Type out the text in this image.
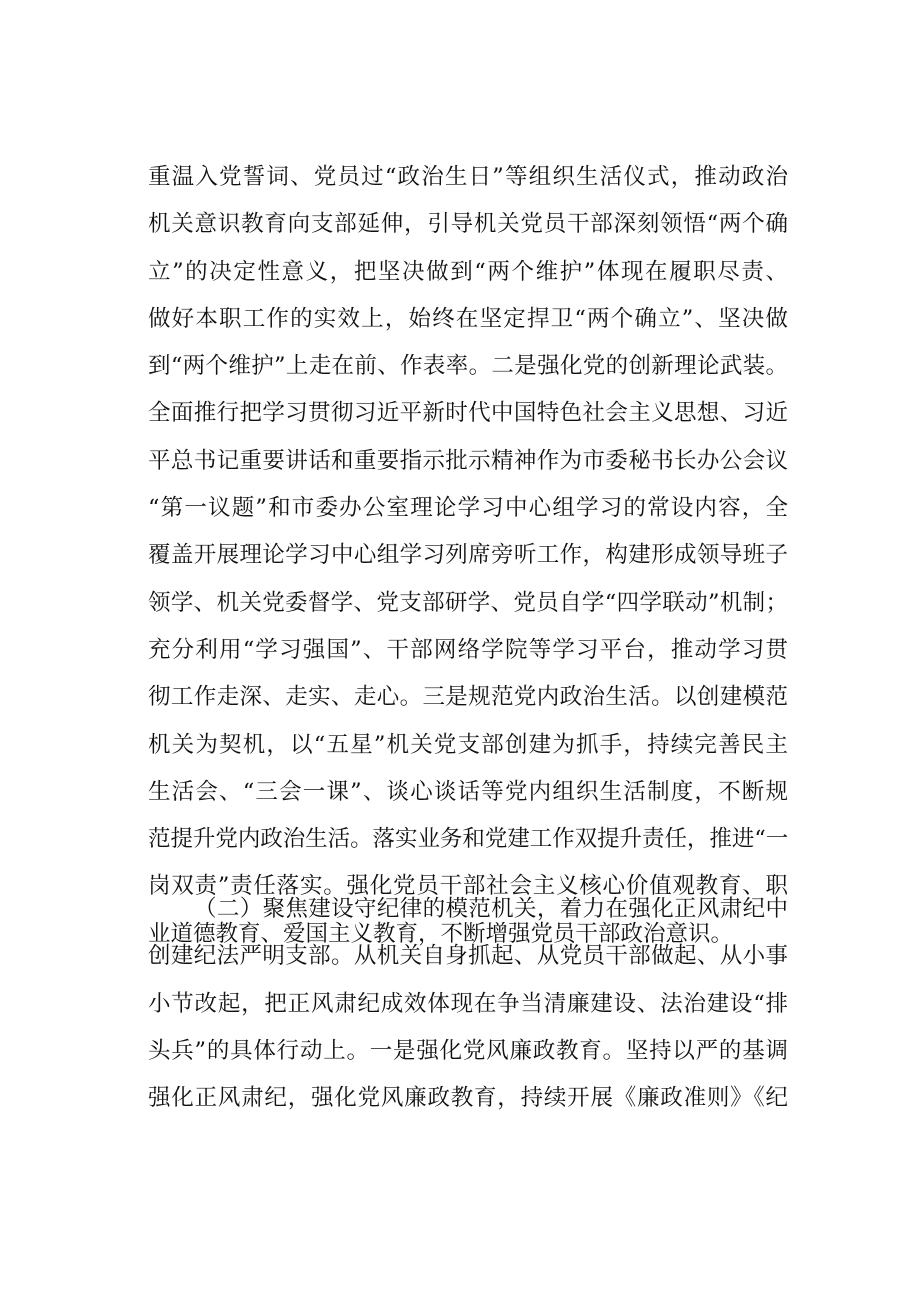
重温入党誓词、党员过“政治生日”等组织生活仪式，推动政治
机关意识教育向支部延伸，引导机关党员干部深刻领悟“两个确
立”的决定性意义，把坚决做到“两个维护”体现在履职尽责、
做好本职工作的实效上，始终在坚定捍卫“两个确立”、坚决做
到“两个维护”上走在前、作表率。二是强化党的创新理论武装。
全面推行把学习贯彻习近平新时代中国特色社会主义思想、习近
平总书记重要讲话和重要指示批示精神作为市委秘书长办公会议
“第一议题”和市委办公室理论学习中心组学习的常设内容，全
覆盖开展理论学习中心组学习列席旁听工作，构建形成领导班子
领学、机关党委督学、党支部研学、党员自学“四学联动”机制；
充分利用“学习强国”、干部网络学院等学习平台，推动学习贯
彻工作走深、走实、走心。三是规范党内政治生活。以创建模范
机关为契机，以“五星”机关党支部创建为抓手，持续完善民主
生活会、“三会一课”、谈心谈话等党内组织生活制度，不断规
范提升党内政治生活。落实业务和党建工作双提升责任，推进“一
岗双责”责任落实。强化党员干部社会主义核心价值观教育、职
业道德教育、爱国主义教育，不断增强党员干部政治意识。
（二）聚焦建设守纪律的模范机关，着力在强化正风肃纪中
创建纪法严明支部。从机关自身抓起、从党员干部做起、从小事
小节改起，把正风肃纪成效体现在争当清廉建设、法治建设“排
头兵”的具体行动上。一是强化党风廉政教育。坚持以严的基调
强化正风肃纪，强化党风廉政教育，持续开展《廉政准则》《纪
